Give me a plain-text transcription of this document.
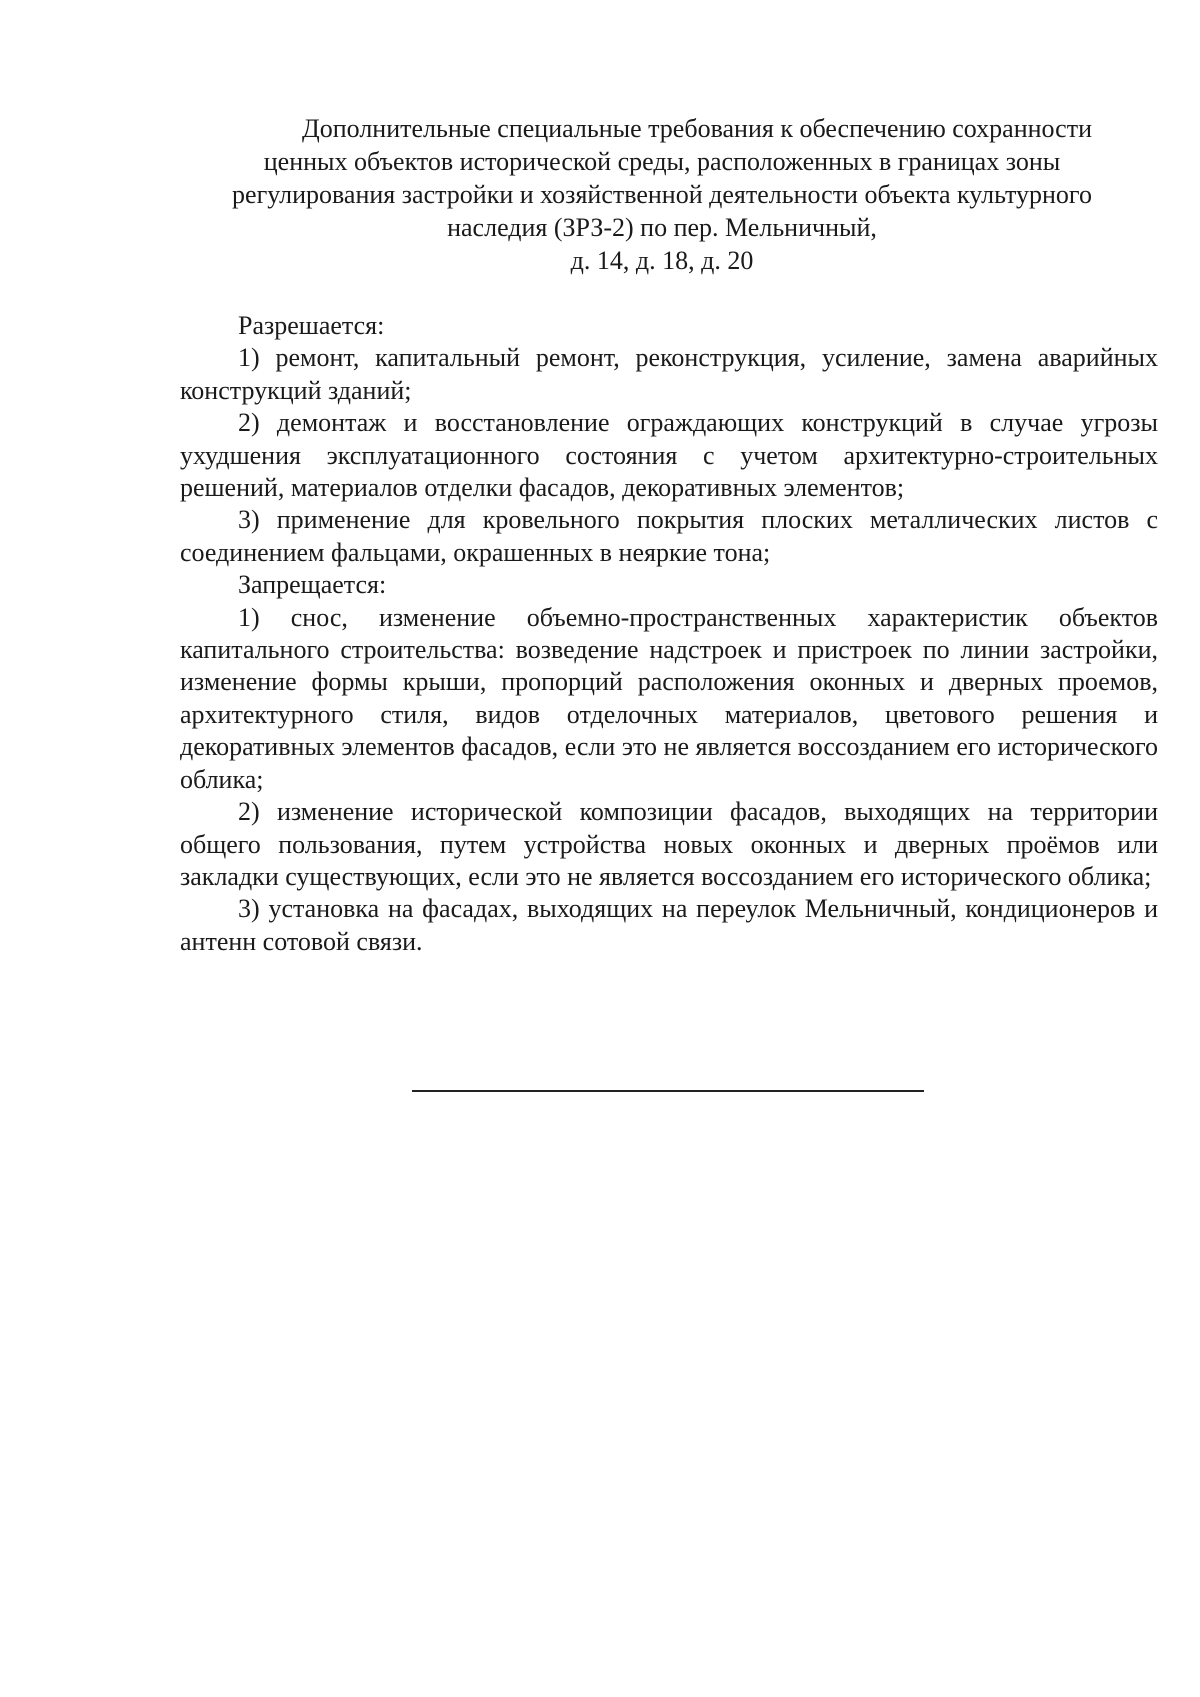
Дополнительные специальные требования к обеспечению сохранности
ценных объектов исторической среды, расположенных в границах зоны
регулирования застройки и хозяйственной деятельности объекта культурного
наследия (ЗРЗ-2) по пер. Мельничный,
д. 14, д. 18, д. 20

Разрешается:

1) ремонт, капитальный ремонт, реконструкция, усиление, замена аварийных конструкций зданий;

2) демонтаж и восстановление ограждающих конструкций в случае угрозы ухудшения эксплуатационного состояния с учетом архитектурно-строительных решений, материалов отделки фасадов, декоративных элементов;

3) применение для кровельного покрытия плоских металлических листов с соединением фальцами, окрашенных в неяркие тона;

Запрещается:

1) снос, изменение объемно-пространственных характеристик объектов капитального строительства: возведение надстроек и пристроек по линии застройки, изменение формы крыши, пропорций расположения оконных и дверных проемов, архитектурного стиля, видов отделочных материалов, цветового решения и декоративных элементов фасадов, если это не является воссозданием его исторического облика;

2) изменение исторической композиции фасадов, выходящих на территории общего пользования, путем устройства новых оконных и дверных проёмов или закладки существующих, если это не является воссозданием его исторического облика;

3) установка на фасадах, выходящих на переулок Мельничный, кондиционеров и антенн сотовой связи.
